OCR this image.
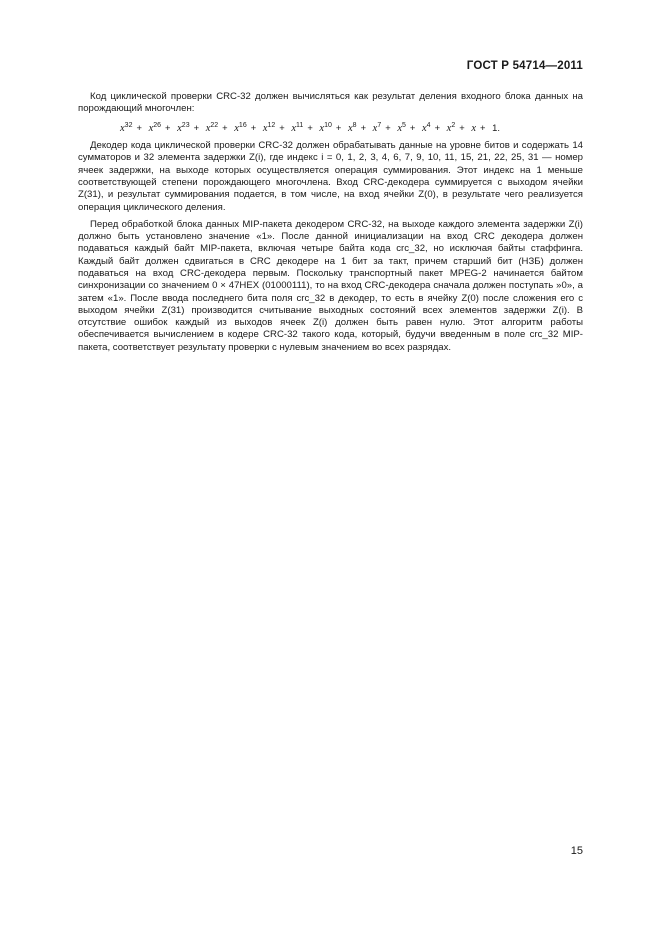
ГОСТ Р 54714—2011

Код циклической проверки CRC-32 должен вычисляться как результат деления входного блока данных на порождающий многочлен:

$x^{32} + x^{26} + x^{23} + x^{22} + x^{16} + x^{12} + x^{11} + x^{10} + x^8 + x^7 + x^5 + x^4 + x^2 + x + 1$.

Декодер кода циклической проверки CRC-32 должен обрабатывать данные на уровне битов и содержать 14 сумматоров и 32 элемента задержки Z(i), где индекс i = 0, 1, 2, 3, 4, 6, 7, 9, 10, 11, 15, 21, 22, 25, 31 — номер ячеек задержки, на выходе которых осуществляется операция суммирования. Этот индекс на 1 меньше соответствующей степени порождающего многочлена. Вход CRC-декодера суммируется с выходом ячейки Z(31), и результат суммирования подается, в том числе, на вход ячейки Z(0), в результате чего реализуется операция циклического деления.

Перед обработкой блока данных MIP-пакета декодером CRC-32, на выходе каждого элемента задержки Z(i) должно быть установлено значение «1». После данной инициализации на вход CRC декодера должен подаваться каждый байт MIP-пакета, включая четыре байта кода crc_32, но исключая байты стаффинга. Каждый байт должен сдвигаться в CRC декодере на 1 бит за такт, причем старший бит (НЗБ) должен подаваться на вход CRC-декодера первым. Поскольку транспортный пакет MPEG-2 начинается байтом синхронизации со значением 0 × 47HEX (01000111), то на вход CRC-декодера сначала должен поступать »0», а затем «1». После ввода последнего бита поля crc_32 в декодер, то есть в ячейку Z(0) после сложения его с выходом ячейки Z(31) производится считывание выходных состояний всех элементов задержки Z(i). В отсутствие ошибок каждый из выходов ячеек Z(i) должен быть равен нулю. Этот алгоритм работы обеспечивается вычислением в кодере CRC-32 такого кода, который, будучи введенным в поле crc_32 MIP-пакета, соответствует результату проверки с нулевым значением во всех разрядах.

15
